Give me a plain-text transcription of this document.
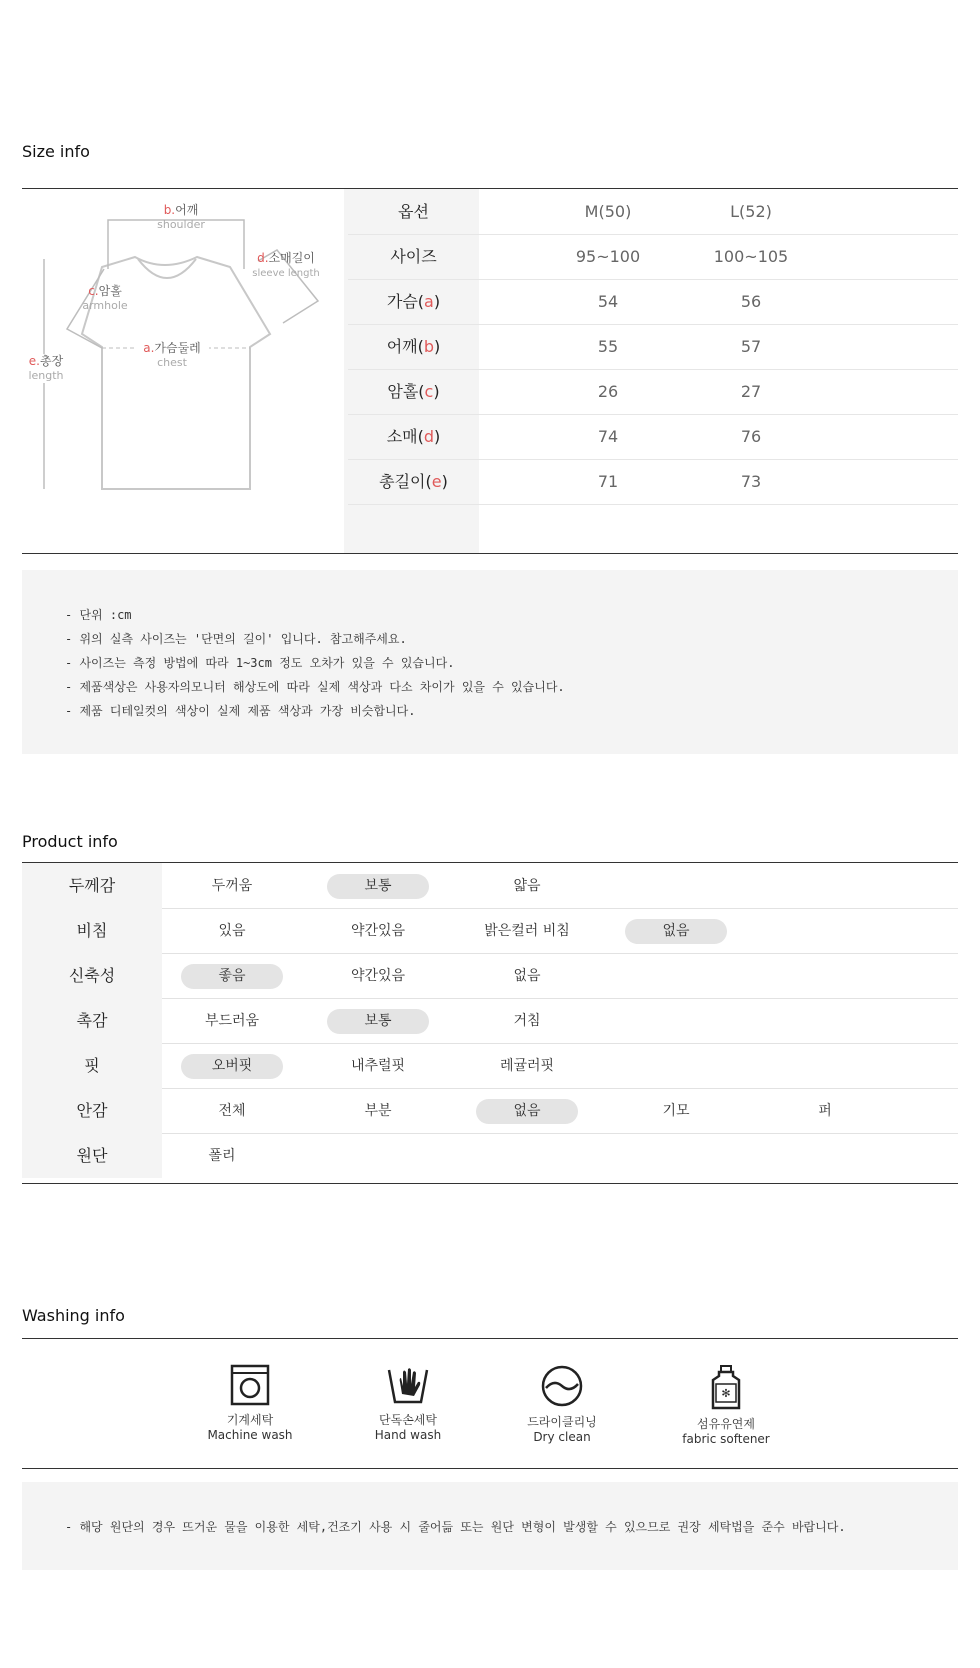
Size info
b.어깨
shoulder
d.소매길이
sleeve length
c.암홀
armhole
a.가슴둘레
chest
e.총장
length
옵션	M(50)	L(52)
사이즈	95~100	100~105
가슴(a)	54	56
어깨(b)	55	57
암홀(c)	26	27
소매(d)	74	76
총길이(e)	71	73
- 단위 :cm
- 위의 실측 사이즈는 '단면의 길이' 입니다. 참고해주세요.
- 사이즈는 측정 방법에 따라 1~3cm 정도 오차가 있을 수 있습니다.
- 제품색상은 사용자의모니터 해상도에 따라 실제 색상과 다소 차이가 있을 수 있습니다.
- 제품 디테일컷의 색상이 실제 제품 색상과 가장 비슷합니다.
Product info
두께감	두꺼움	보통	얇음
비침	있음	약간있음	밝은컬러 비침	없음
신축성	좋음	약간있음	없음
촉감	부드러움	보통	거침
핏	오버핏	내추럴핏	레귤러핏
안감	전체	부분	없음	기모	퍼
원단	폴리
Washing info
기계세탁
Machine wash
단독손세탁
Hand wash
드라이클리닝
Dry clean
✻
섬유유연제
fabric softener
- 해당 원단의 경우 뜨거운 물을 이용한 세탁,건조기 사용 시 줄어듦 또는 원단 변형이 발생할 수 있으므로 권장 세탁법을 준수 바랍니다.
